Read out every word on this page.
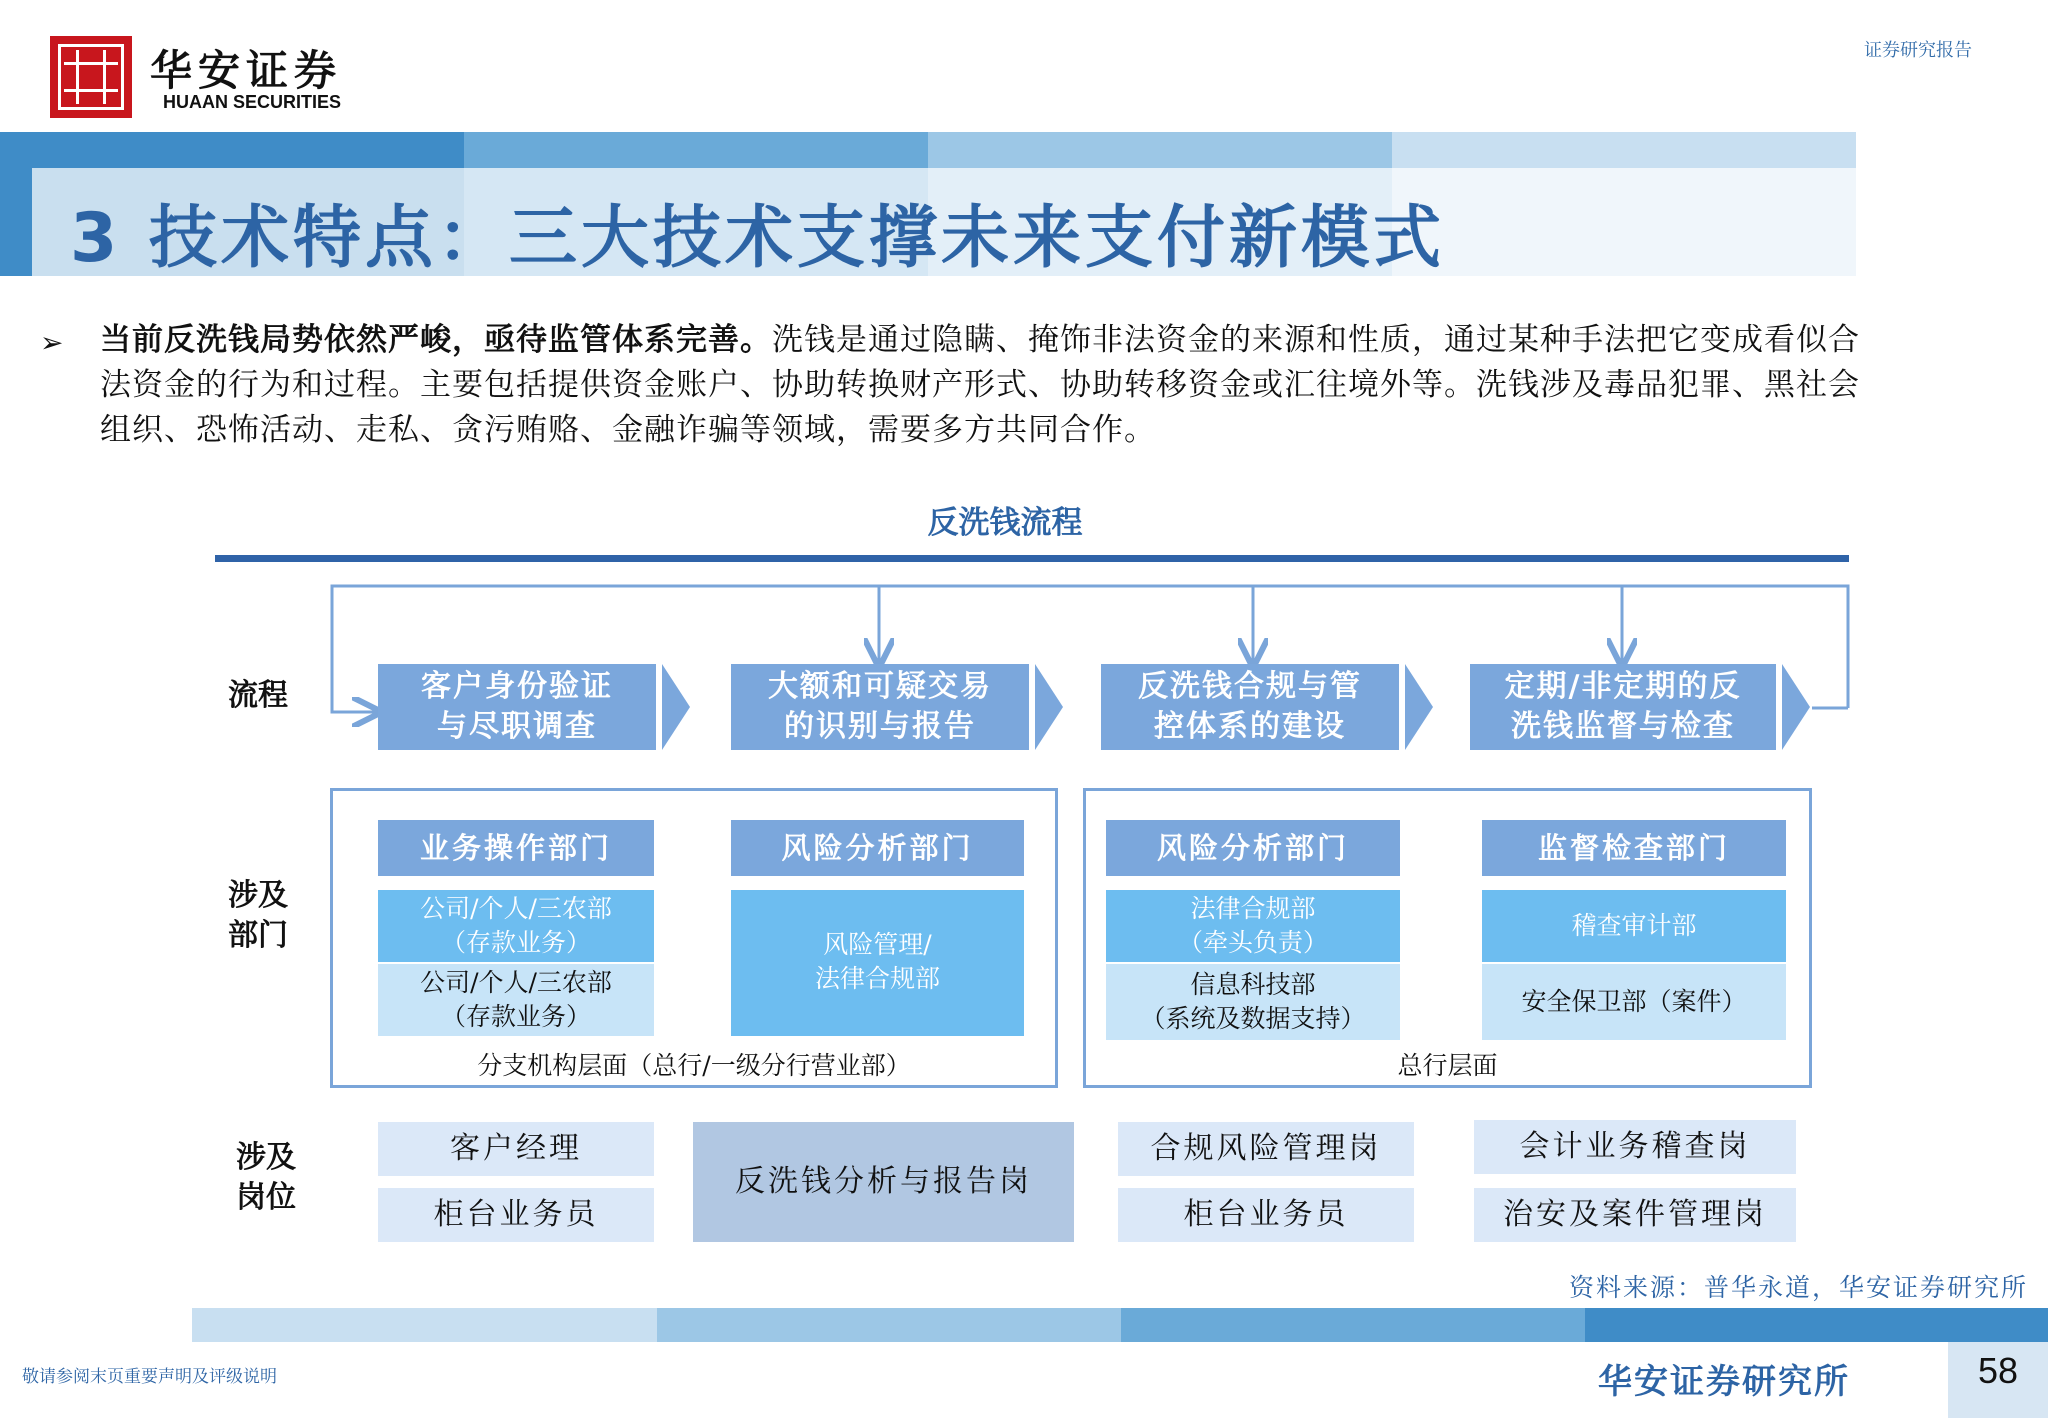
华安证券
HUAAN SECURITIES
证券研究报告
3 技术特点：三大技术支撑未来支付新模式
➢ 当前反洗钱局势依然严峻，亟待监管体系完善。洗钱是通过隐瞒、掩饰非法资金的来源和性质，通过某种手法把它变成看似合法资金的行为和过程。主要包括提供资金账户、协助转换财产形式、协助转移资金或汇往境外等。洗钱涉及毒品犯罪、黑社会组织、恐怖活动、走私、贪污贿赂、金融诈骗等领域，需要多方共同合作。
反洗钱流程
流程
涉及
部门
涉及
岗位
客户身份验证
与尽职调查
大额和可疑交易
的识别与报告
反洗钱合规与管
控体系的建设
定期/非定期的反
洗钱监督与检查
业务操作部门
公司/个人/三农部
（存款业务）
公司/个人/三农部
（存款业务）
风险分析部门
风险管理/
法律合规部
分支机构层面（总行/一级分行营业部）
风险分析部门
法律合规部
（牵头负责）
信息科技部
（系统及数据支持）
监督检查部门
稽查审计部
安全保卫部（案件）
总行层面
客户经理
柜台业务员
反洗钱分析与报告岗
合规风险管理岗
柜台业务员
会计业务稽查岗
治安及案件管理岗
资料来源：普华永道，华安证券研究所
58
华安证券研究所
敬请参阅末页重要声明及评级说明
